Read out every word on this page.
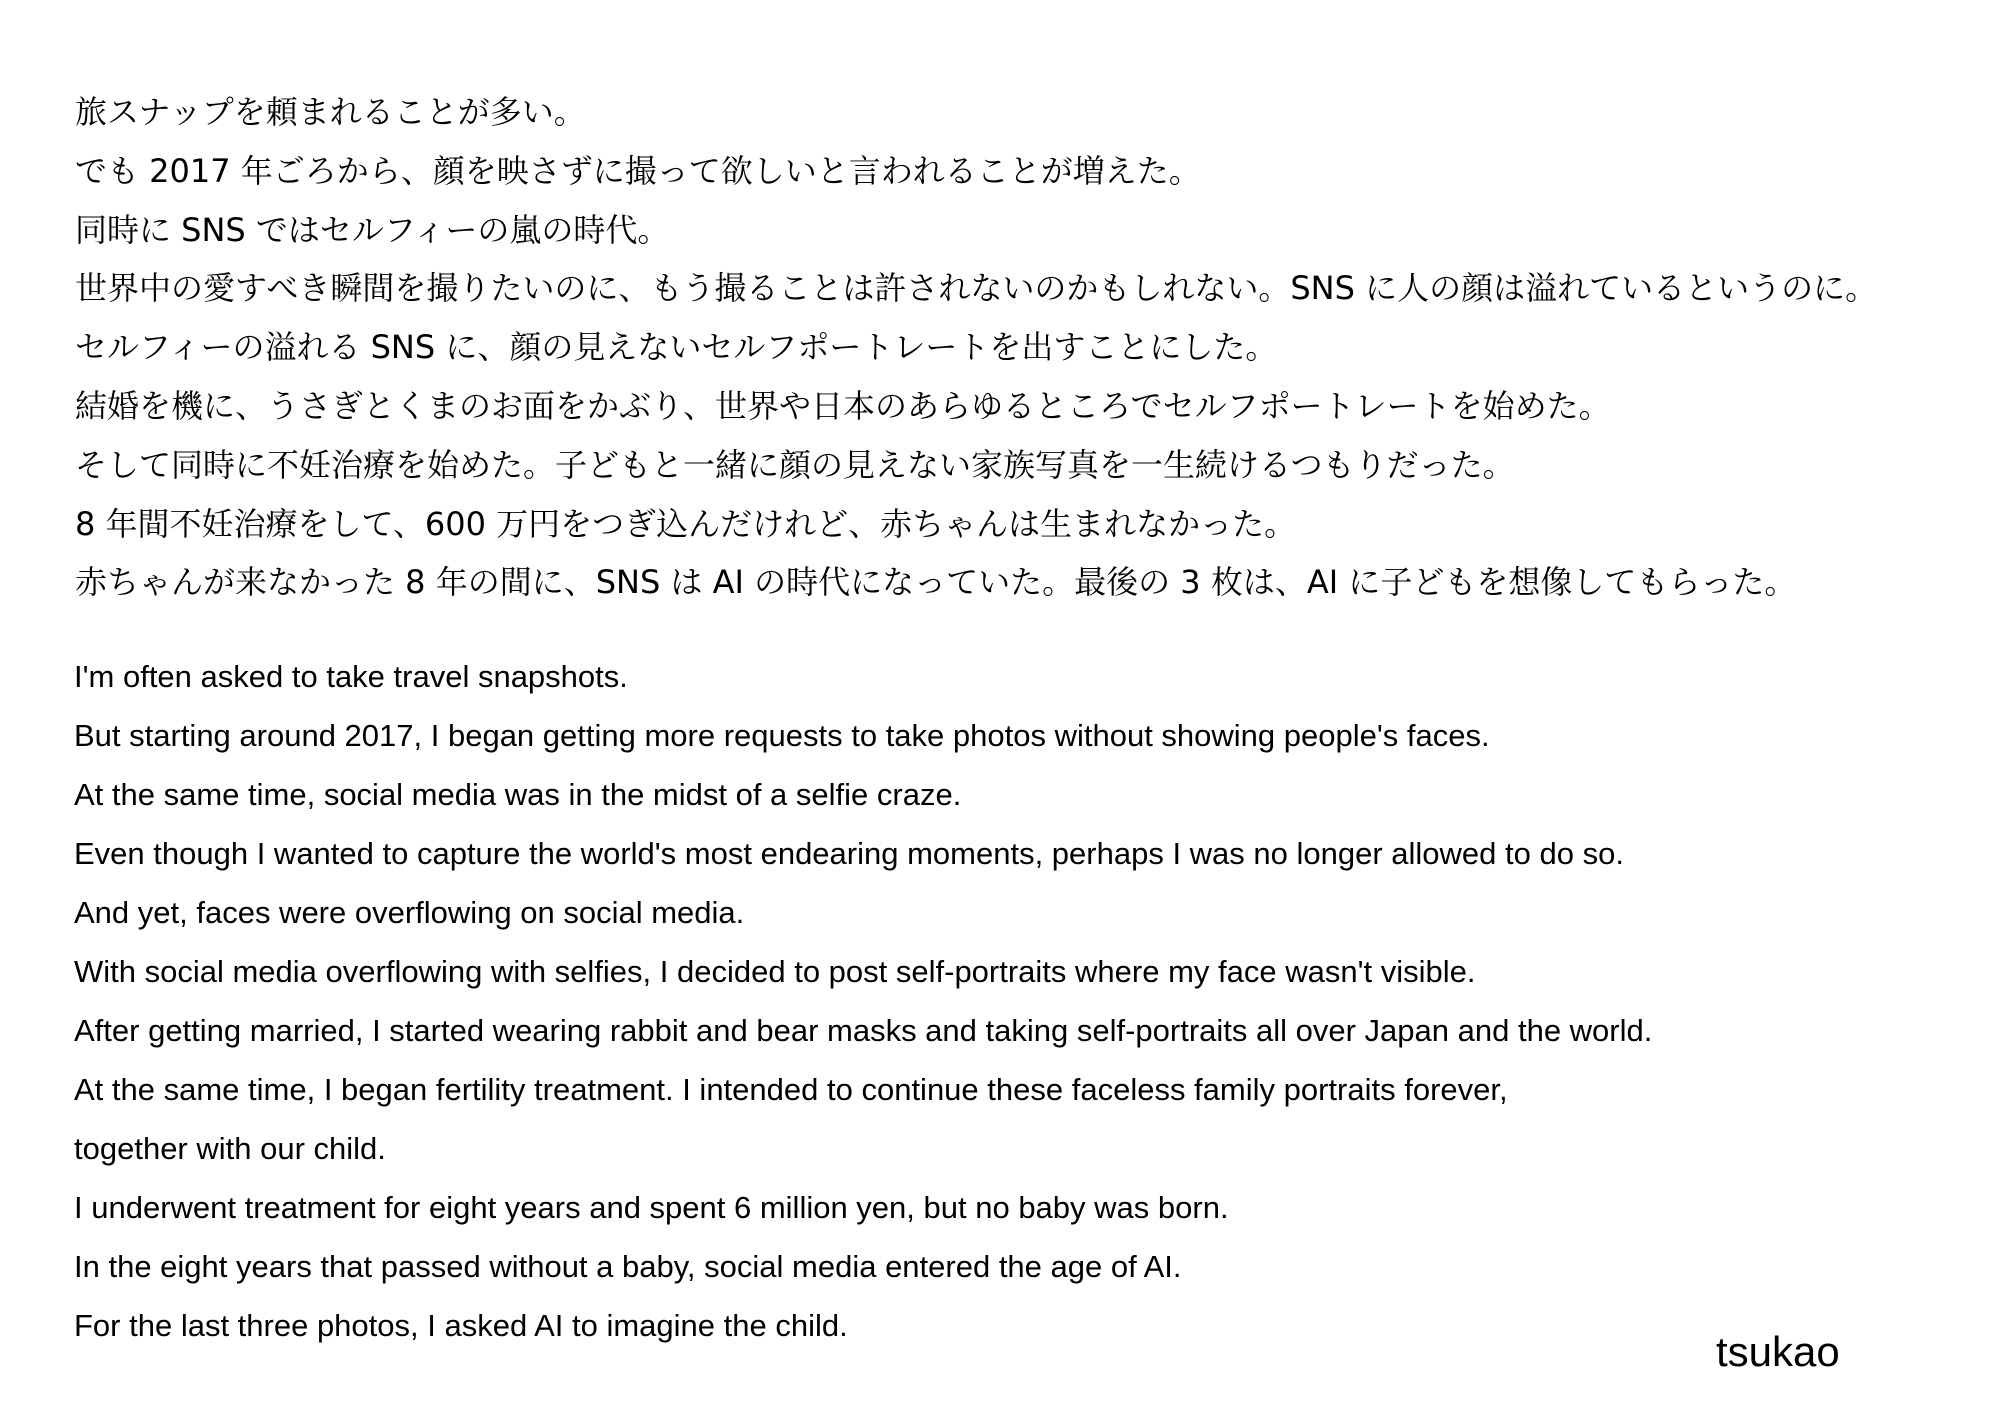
旅スナップを頼まれることが多い。
でも 2017 年ごろから、顔を映さずに撮って欲しいと言われることが増えた。
同時に SNS ではセルフィーの嵐の時代。
世界中の愛すべき瞬間を撮りたいのに、もう撮ることは許されないのかもしれない。SNS に人の顔は溢れているというのに。
セルフィーの溢れる SNS に、顔の見えないセルフポートレートを出すことにした。
結婚を機に、うさぎとくまのお面をかぶり、世界や日本のあらゆるところでセルフポートレートを始めた。
そして同時に不妊治療を始めた。子どもと一緒に顔の見えない家族写真を一生続けるつもりだった。
8 年間不妊治療をして、600 万円をつぎ込んだけれど、赤ちゃんは生まれなかった。
赤ちゃんが来なかった 8 年の間に、SNS は AI の時代になっていた。最後の 3 枚は、AI に子どもを想像してもらった。
I'm often asked to take travel snapshots.
But starting around 2017, I began getting more requests to take photos without showing people's faces.
At the same time, social media was in the midst of a selfie craze.
Even though I wanted to capture the world's most endearing moments, perhaps I was no longer allowed to do so.
And yet, faces were overflowing on social media.
With social media overflowing with selfies, I decided to post self-portraits where my face wasn't visible.
After getting married, I started wearing rabbit and bear masks and taking self-portraits all over Japan and the world.
At the same time, I began fertility treatment. I intended to continue these faceless family portraits forever,
together with our child.
I underwent treatment for eight years and spent 6 million yen, but no baby was born.
In the eight years that passed without a baby, social media entered the age of AI.
For the last three photos, I asked AI to imagine the child.
tsukao
